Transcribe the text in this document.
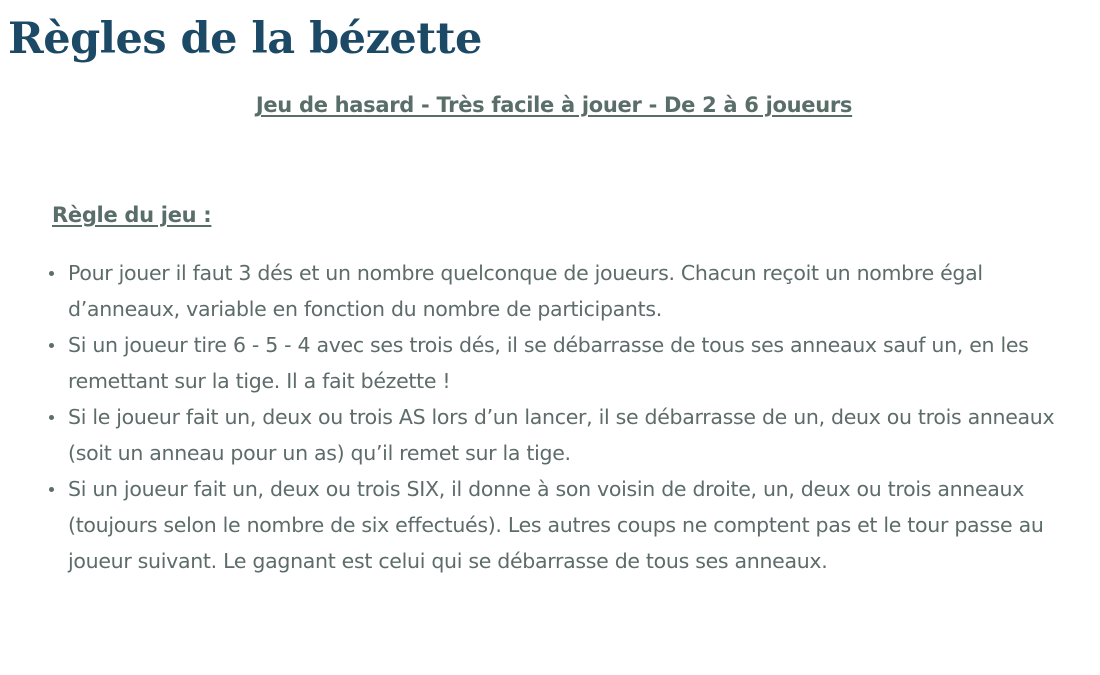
Règles de la bézette

Jeu de hasard - Très facile à jouer - De 2 à 6 joueurs

Règle du jeu :

Pour jouer il faut 3 dés et un nombre quelconque de joueurs. Chacun reçoit un nombre égal d’anneaux, variable en fonction du nombre de participants.
Si un joueur tire 6 - 5 - 4 avec ses trois dés, il se débarrasse de tous ses anneaux sauf un, en les remettant sur la tige. Il a fait bézette !
Si le joueur fait un, deux ou trois AS lors d’un lancer, il se débarrasse de un, deux ou trois anneaux (soit un anneau pour un as) qu’il remet sur la tige.
Si un joueur fait un, deux ou trois SIX, il donne à son voisin de droite, un, deux ou trois anneaux (toujours selon le nombre de six effectués). Les autres coups ne comptent pas et le tour passe au joueur suivant. Le gagnant est celui qui se débarrasse de tous ses anneaux.
